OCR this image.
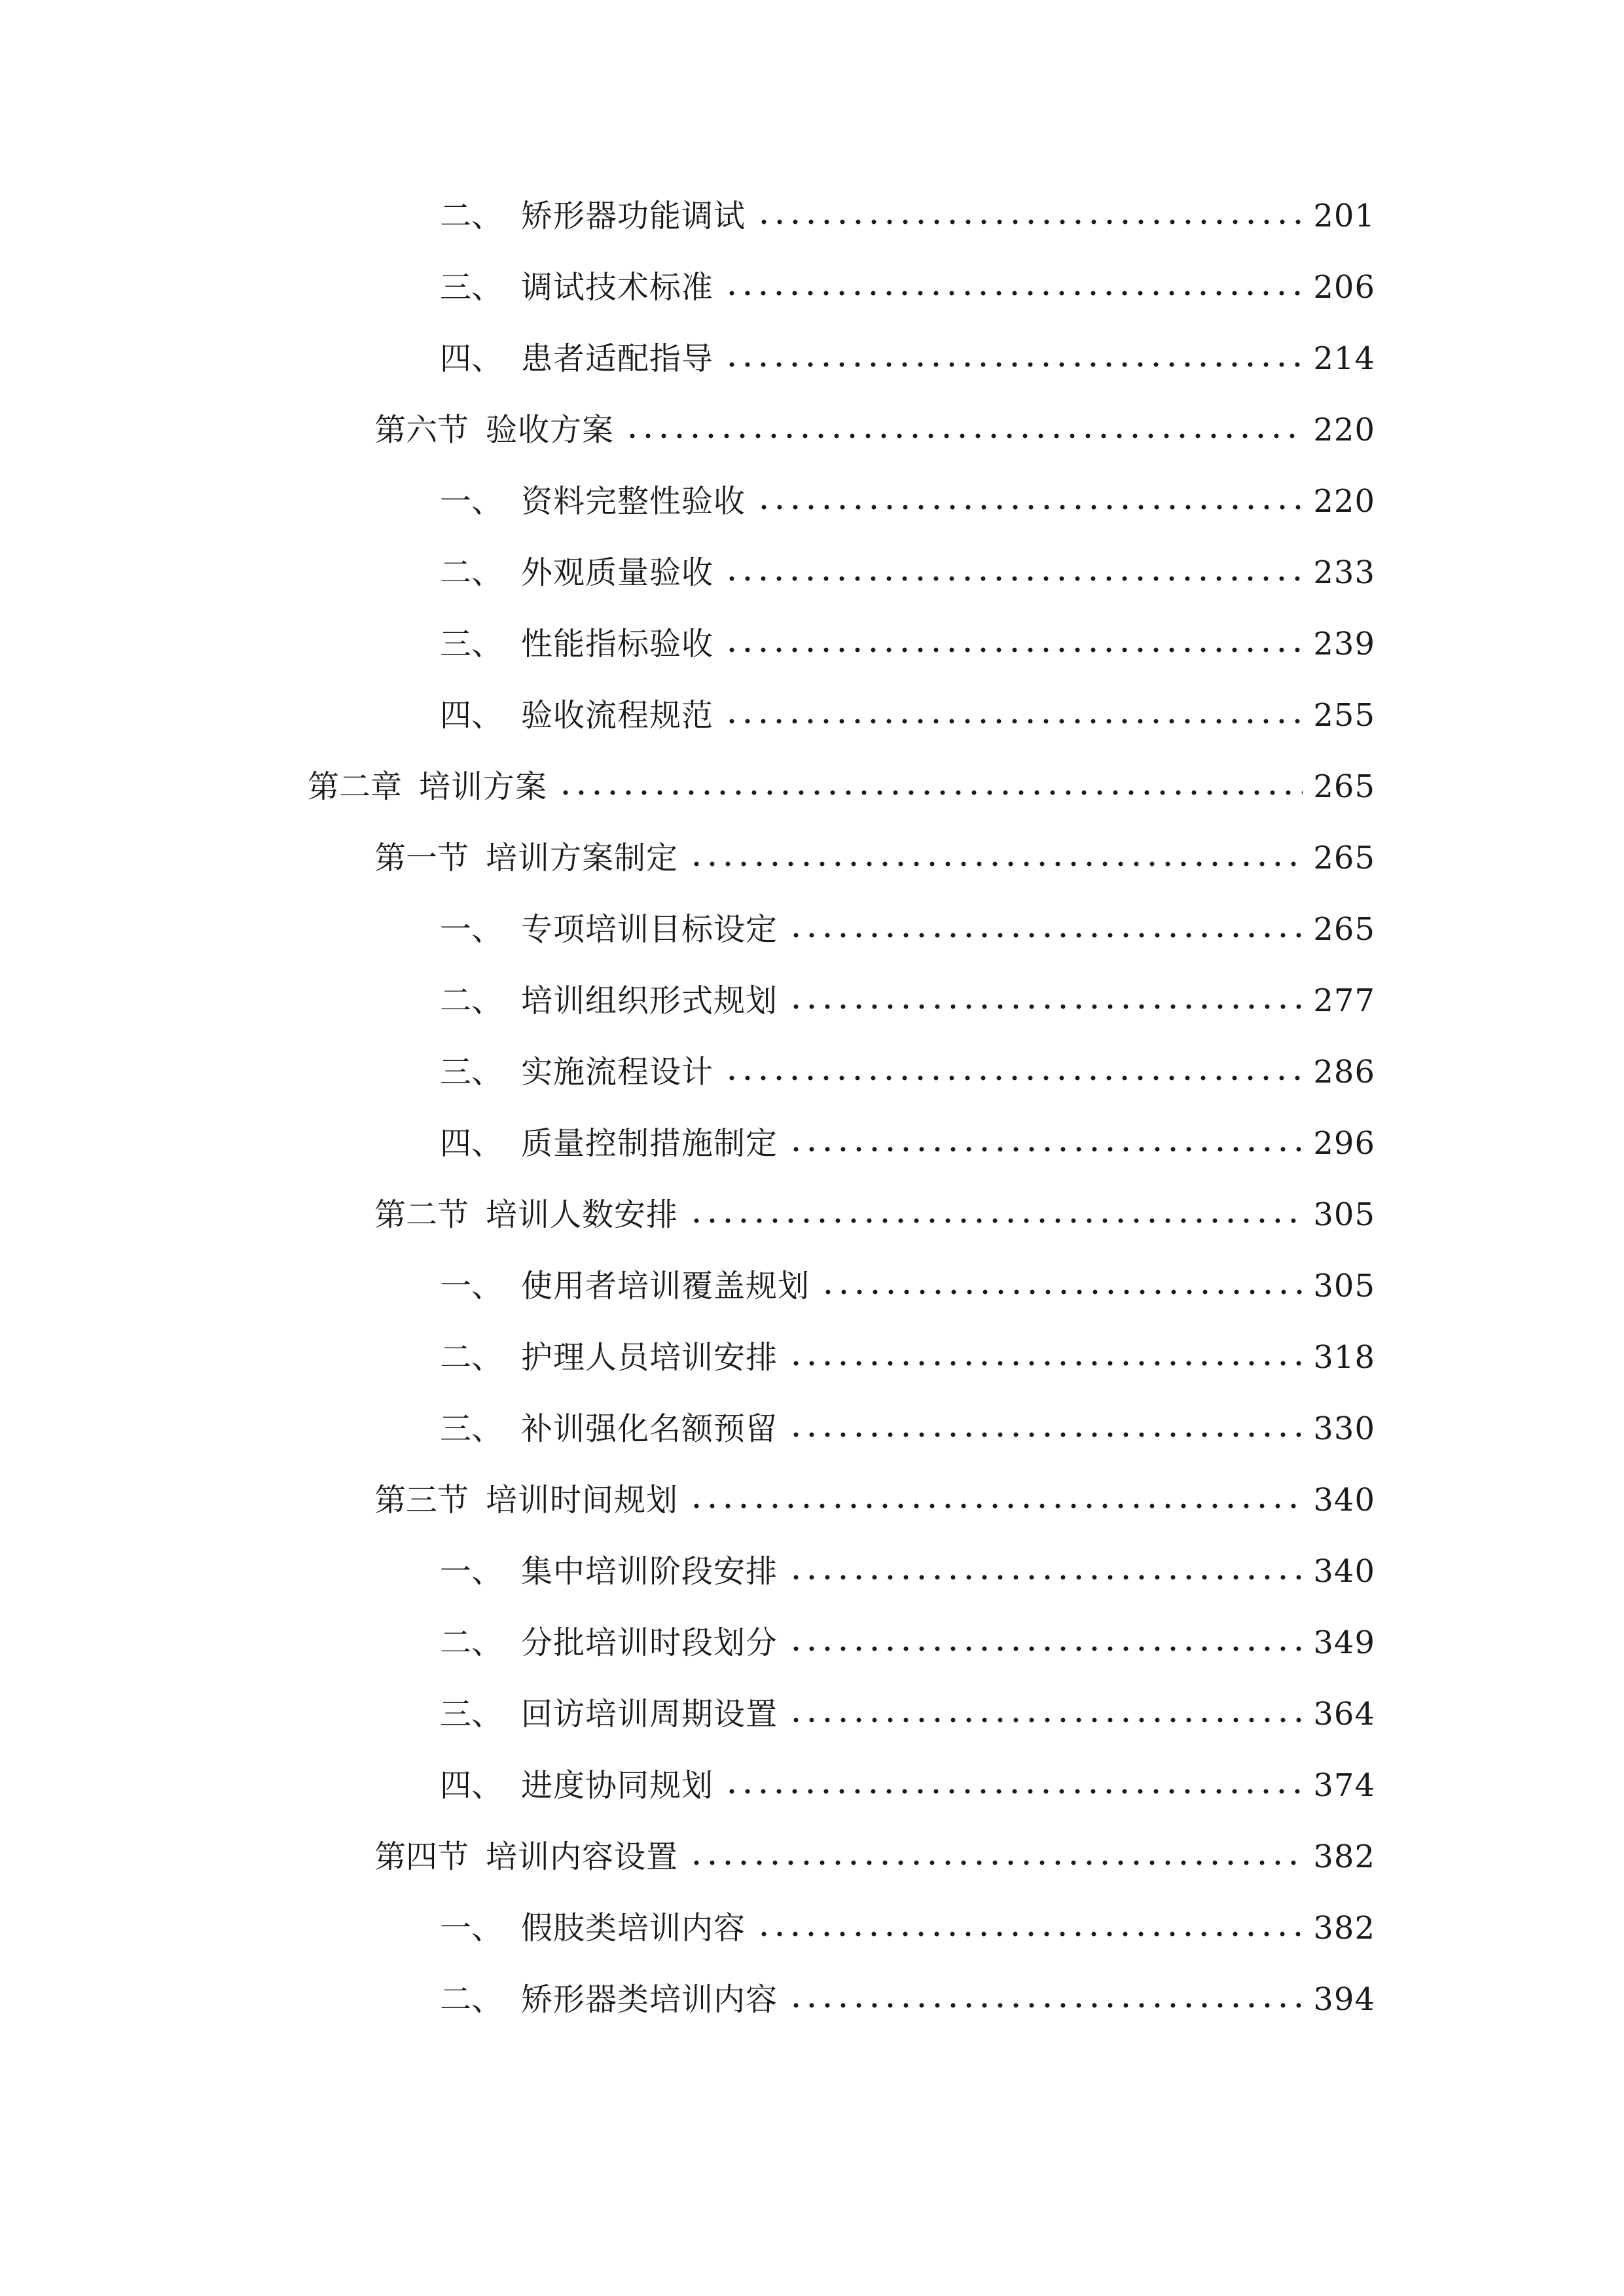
二、 矫形器功能调试	201
三、 调试技术标准	206
四、 患者适配指导	214
第六节 验收方案	220
一、 资料完整性验收	220
二、 外观质量验收	233
三、 性能指标验收	239
四、 验收流程规范	255
第二章 培训方案	265
第一节 培训方案制定	265
一、 专项培训目标设定	265
二、 培训组织形式规划	277
三、 实施流程设计	286
四、 质量控制措施制定	296
第二节 培训人数安排	305
一、 使用者培训覆盖规划	305
二、 护理人员培训安排	318
三、 补训强化名额预留	330
第三节 培训时间规划	340
一、 集中培训阶段安排	340
二、 分批培训时段划分	349
三、 回访培训周期设置	364
四、 进度协同规划	374
第四节 培训内容设置	382
一、 假肢类培训内容	382
二、 矫形器类培训内容	394
